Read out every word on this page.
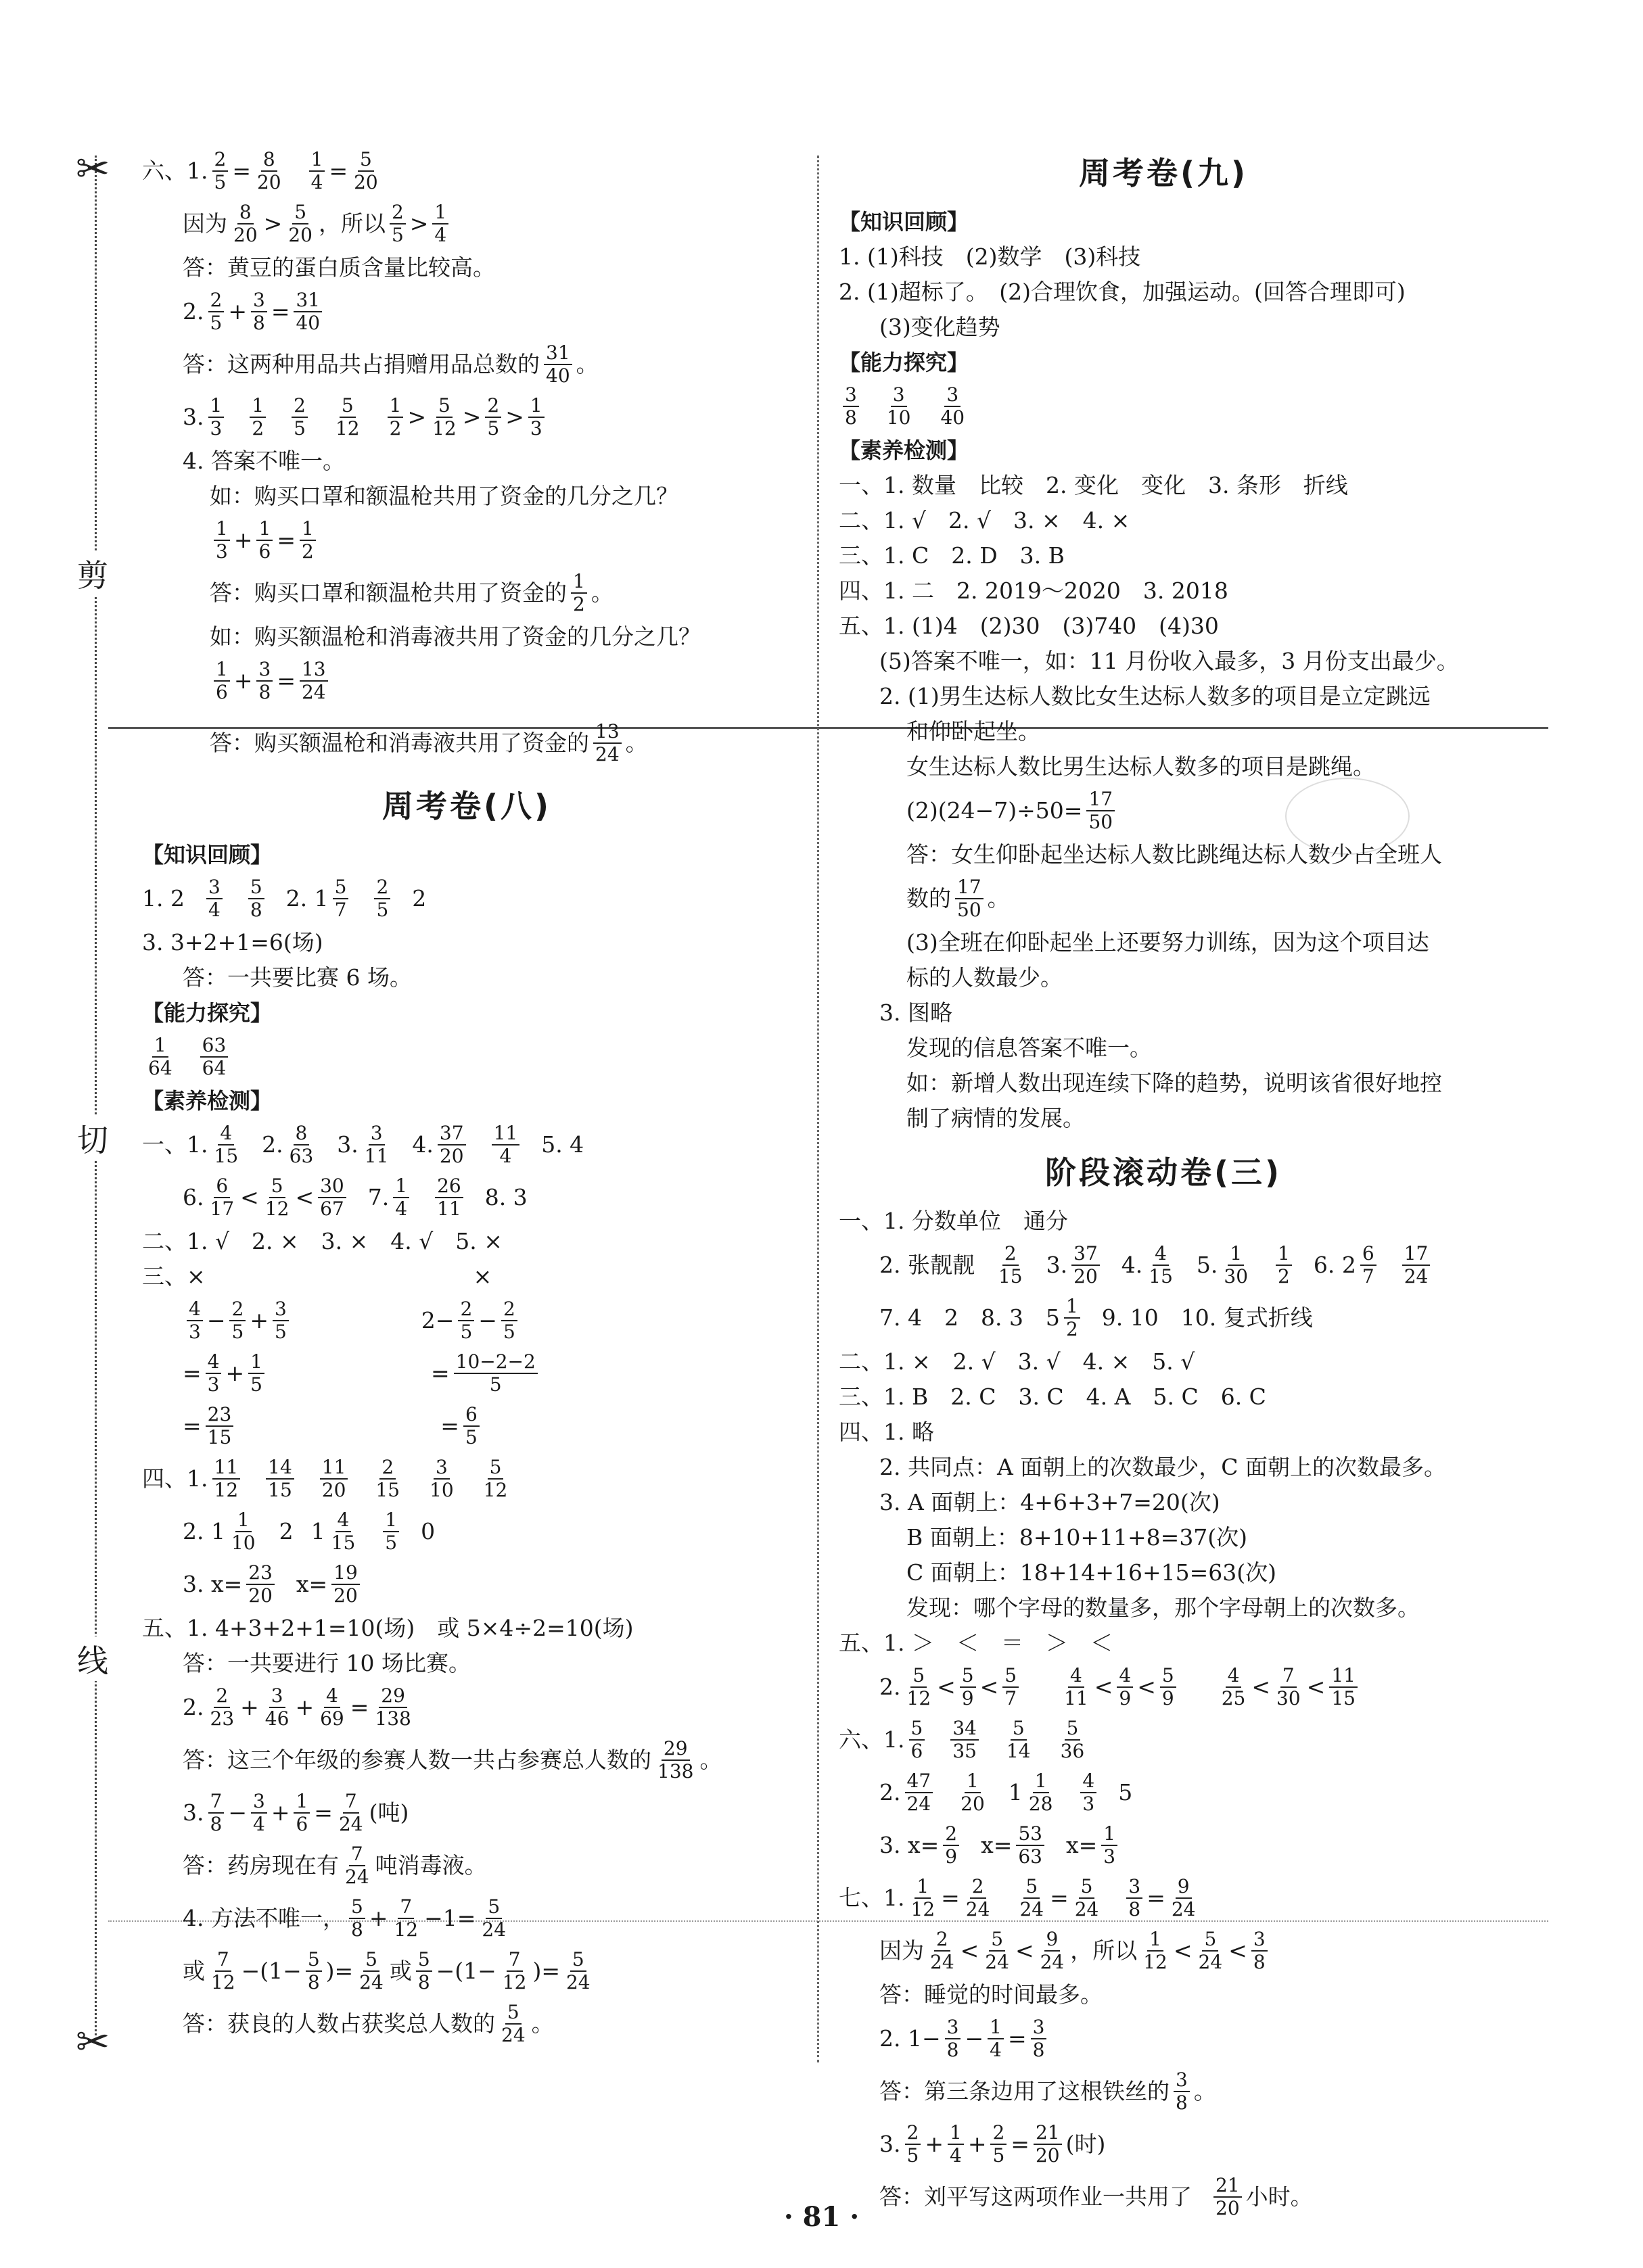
✂
✂
剪
切
线
六、1. $\frac{2}{5} = \frac{8}{20} \frac{1}{4} = \frac{5}{20}$
因为 $\frac{8}{20} > \frac{5}{20}$ ，所以 $\frac{2}{5} > \frac{1}{4}$
答：黄豆的蛋白质含量比较高。
2. $\frac{2}{5} + \frac{3}{8} = \frac{31}{40}$
答：这两种用品共占捐赠用品总数的 $\frac{31}{40}$ 。
3. $\frac{1}{3} \frac{1}{2} \frac{2}{5} \frac{5}{12} \frac{1}{2} > \frac{5}{12} > \frac{2}{5} > \frac{1}{3}$
4. 答案不唯一。
如：购买口罩和额温枪共用了资金的几分之几？
$\frac{1}{3} + \frac{1}{6} = \frac{1}{2}$
答：购买口罩和额温枪共用了资金的 $\frac{1}{2}$ 。
如：购买额温枪和消毒液共用了资金的几分之几？
$\frac{1}{6} + \frac{3}{8} = \frac{13}{24}$
答：购买额温枪和消毒液共用了资金的 $\frac{13}{24}$ 。
周考卷(八)
【知识回顾】
1. $2 \frac{3}{4} \frac{5}{8} 2$. $1 \frac{5}{7} \frac{2}{5} 2$
3. 3+2+1=6(场)
答：一共要比赛 6 场。
【能力探究】
$\frac{1}{64} \frac{63}{64}$
【素养检测】
一、1. $\frac{4}{15} 2$. $\frac{8}{63} 3$. $\frac{3}{11} 4$. $\frac{37}{20} \frac{11}{4} 5$. 4
6. $\frac{6}{17} < \frac{5}{12} < \frac{30}{67} 7$. $\frac{1}{4} \frac{26}{11} 8$. 3
二、1. √　2. ×　3. ×　4. √　5. ×
三、×　　　　　　　　　　　　×
$\frac{4}{3} - \frac{2}{5} + \frac{3}{5}$	$2- \frac{2}{5} - \frac{2}{5}$
= $\frac{4}{3} + \frac{1}{5}$	= $\frac{10-2-2}{5}$
= $\frac{23}{15}$	= $\frac{6}{5}$
四、1. $\frac{11}{12} \frac{14}{15} \frac{11}{20} \frac{2}{15} \frac{3}{10} \frac{5}{12}$
2. $1 \frac{1}{10} 2$ $1 \frac{4}{15} \frac{1}{5} 0$
3. $x= \frac{23}{20} x= \frac{19}{20}$
五、1. 4+3+2+1=10(场)　或 5×4÷2=10(场)
答：一共要进行 10 场比赛。
2. $\frac{2}{23} + \frac{3}{46} + \frac{4}{69} = \frac{29}{138}$
答：这三个年级的参赛人数一共占参赛总人数的 $\frac{29}{138}$ 。
3. $\frac{7}{8} - \frac{3}{4} + \frac{1}{6} = \frac{7}{24}$ (吨)
答：药房现在有 $\frac{7}{24}$ 吨消毒液。
4. 方法不唯一， $\frac{5}{8} + \frac{7}{12} -1= \frac{5}{24}$
或 $\frac{7}{12} -(1- \frac{5}{8}$ )= $\frac{5}{24}$ 或 $\frac{5}{8} -(1- \frac{7}{12}$ )= $\frac{5}{24}$
答：获良的人数占获奖总人数的 $\frac{5}{24}$ 。
周考卷(九)
【知识回顾】
1. (1)科技　(2)数学　(3)科技
2. (1)超标了。　(2)合理饮食，加强运动。(回答合理即可)
(3)变化趋势
【能力探究】
$\frac{3}{8} \frac{3}{10} \frac{3}{40}$
【素养检测】
一、1. 数量　比较　2. 变化　变化　3. 条形　折线
二、1. √　2. √　3. ×　4. ×
三、1. C　2. D　3. B
四、1. 二　2. 2019～2020　3. 2018
五、1. (1)4　(2)30　(3)740　(4)30
(5)答案不唯一，如：11 月份收入最多，3 月份支出最少。
2. (1)男生达标人数比女生达标人数多的项目是立定跳远
和仰卧起坐。
女生达标人数比男生达标人数多的项目是跳绳。
$(2)(24-7)\div 50= \frac{17}{50}$
答：女生仰卧起坐达标人数比跳绳达标人数少占全班人
数的 $\frac{17}{50}$ 。
(3)全班在仰卧起坐上还要努力训练，因为这个项目达
标的人数最少。
3. 图略
发现的信息答案不唯一。
如：新增人数出现连续下降的趋势，说明该省很好地控
制了病情的发展。
阶段滚动卷(三)
一、1. 分数单位　通分
2. 张靓靓 $\frac{2}{15} 3$. $\frac{37}{20} 4$. $\frac{4}{15} 5$. $\frac{1}{30} \frac{1}{2} 6$. $2 \frac{6}{7} \frac{17}{24}$
7. 4　2　8. 3　$5 \frac{1}{2} 9$. 10　10. 复式折线
二、1. ×　2. √　3. √　4. ×　5. √
三、1. B　2. C　3. C　4. A　5. C　6. C
四、1. 略
2. 共同点：A 面朝上的次数最少，C 面朝上的次数最多。
3. A 面朝上：4+6+3+7=20(次)
B 面朝上：8+10+11+8=37(次)
C 面朝上：18+14+16+15=63(次)
发现：哪个字母的数量多，那个字母朝上的次数多。
五、1. ＞　＜　＝　＞　＜
2. $\frac{5}{12} < \frac{5}{9} < \frac{5}{7} \frac{4}{11} < \frac{4}{9} < \frac{5}{9} \frac{4}{25} < \frac{7}{30} < \frac{11}{15}$
六、1. $\frac{5}{6} \frac{34}{35} \frac{5}{14} \frac{5}{36}$
2. $\frac{47}{24} \frac{1}{20} 1 \frac{1}{28} \frac{4}{3} 5$
3. $x= \frac{2}{9} x= \frac{53}{63} x= \frac{1}{3}$
七、1. $\frac{1}{12} = \frac{2}{24} \frac{5}{24} = \frac{5}{24} \frac{3}{8} = \frac{9}{24}$
因为 $\frac{2}{24} < \frac{5}{24} < \frac{9}{24}$ ，所以 $\frac{1}{12} < \frac{5}{24} < \frac{3}{8}$
答：睡觉的时间最多。
2. $1- \frac{3}{8} - \frac{1}{4} = \frac{3}{8}$
答：第三条边用了这根铁丝的 $\frac{3}{8}$ 。
3. $\frac{2}{5} + \frac{1}{4} + \frac{2}{5} = \frac{21}{20}$ (时)
答：刘平写这两项作业一共用了 $\frac{21}{20}$ 小时。
· 81 ·
